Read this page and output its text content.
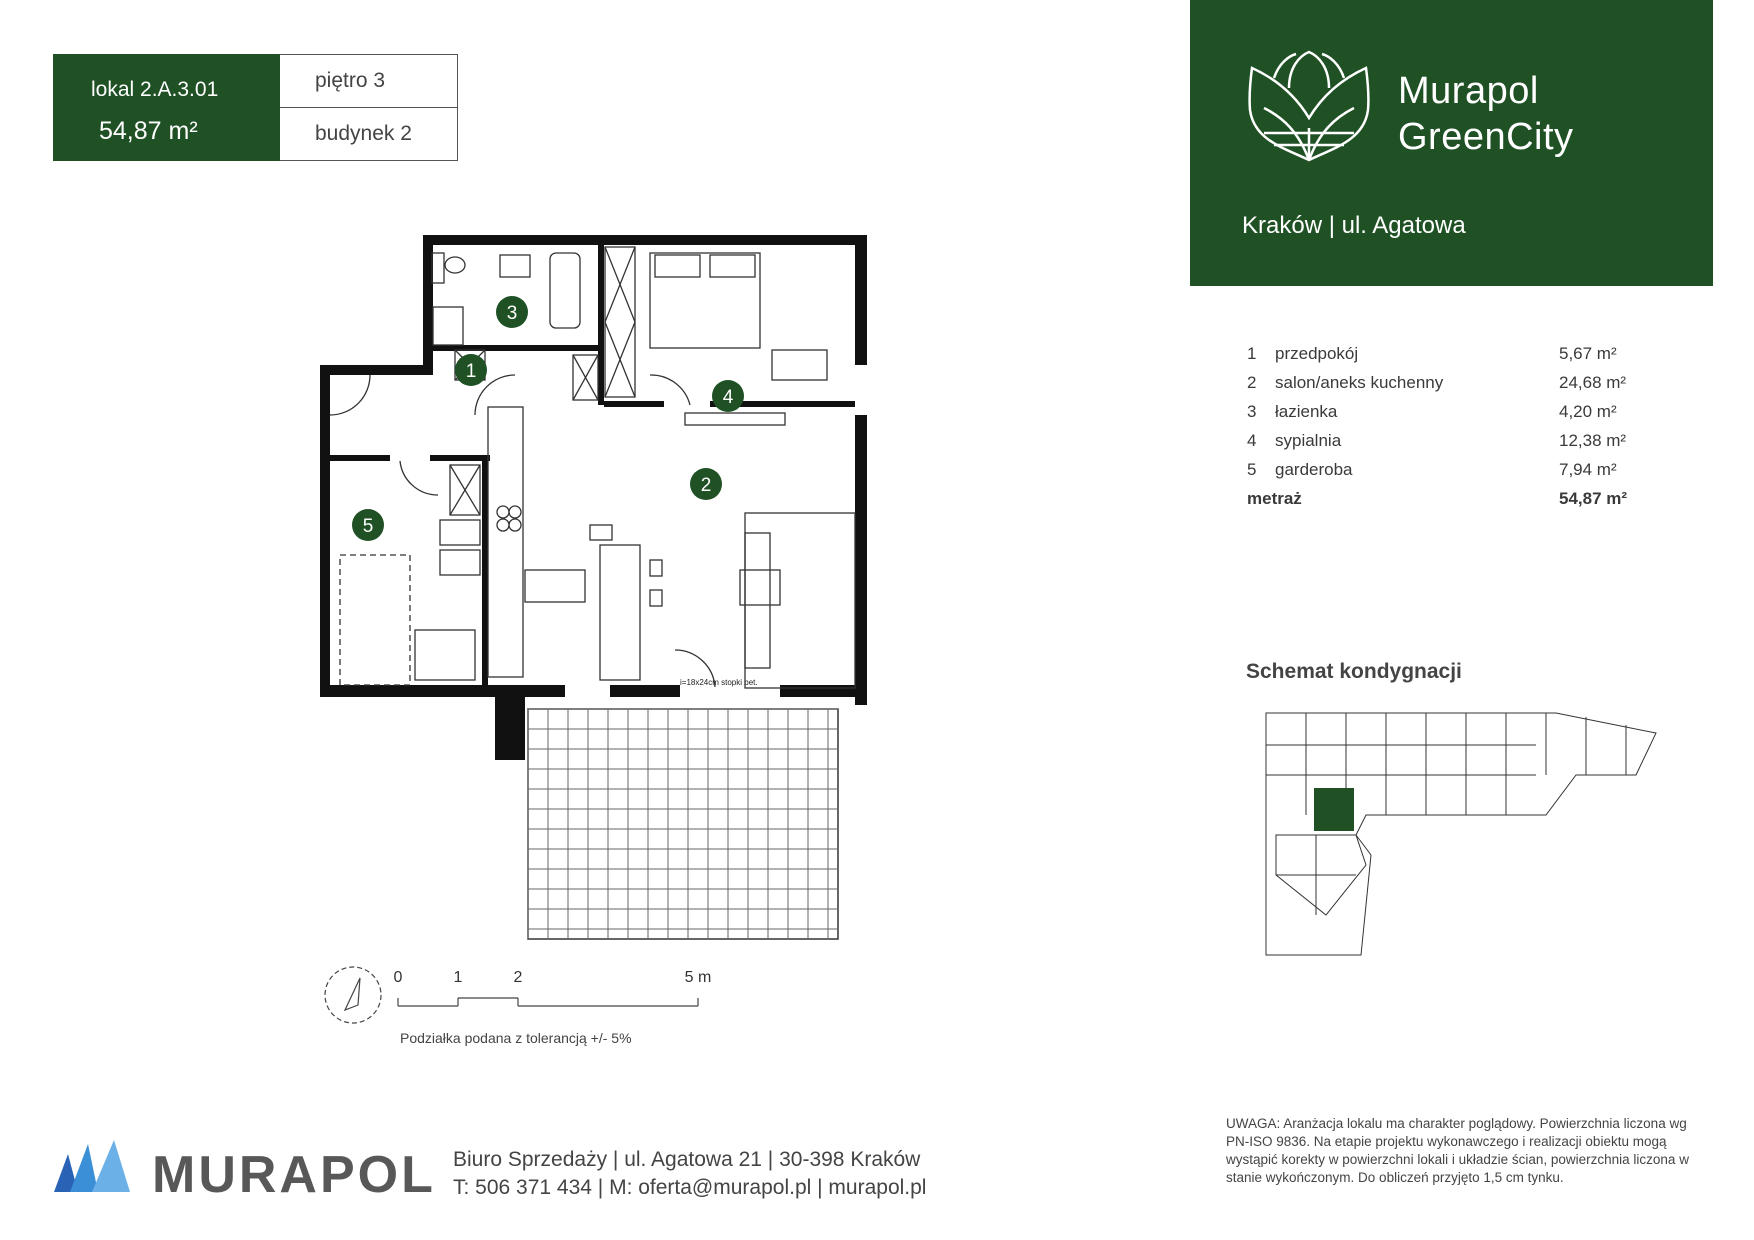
lokal 2.A.3.01
54,87 m²
piętro 3
budynek 2
Murapol
GreenCity
Kraków | ul. Agatowa
1 przedpokój	5,67 m²
2 salon/aneks kuchenny	24,68 m²
3 łazienka	4,20 m²
4 sypialnia	12,38 m²
5 garderoba	7,94 m²
metraż	54,87 m²
i=18x24cm stopki bet.
1
2
3
4
5
0	1	2	5 m
Podziałka podana z tolerancją +/- 5%
Schemat kondygnacji
MURAPOL Biuro Sprzedaży | ul. Agatowa 21 | 30-398 Kraków
T: 506 371 434 | M: oferta@murapol.pl | murapol.pl
UWAGA: Aranżacja lokalu ma charakter poglądowy. Powierzchnia liczona wg PN-ISO 9836. Na etapie projektu wykonawczego i realizacji obiektu mogą wystąpić korekty w powierzchni lokali i układzie ścian, powierzchnia liczona w stanie wykończonym. Do obliczeń przyjęto 1,5 cm tynku.
